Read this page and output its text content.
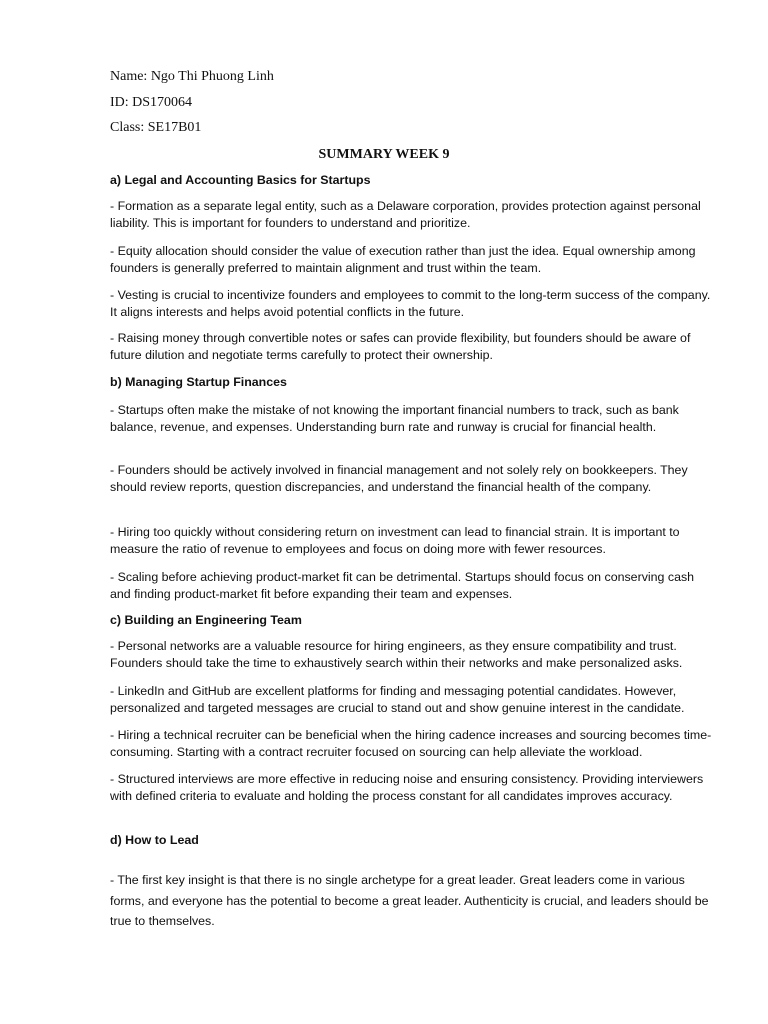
Name: Ngo Thi Phuong Linh
ID: DS170064
Class: SE17B01
SUMMARY WEEK 9
a) Legal and Accounting Basics for Startups
- Formation as a separate legal entity, such as a Delaware corporation, provides protection against personal liability. This is important for founders to understand and prioritize.
- Equity allocation should consider the value of execution rather than just the idea. Equal ownership among founders is generally preferred to maintain alignment and trust within the team.
- Vesting is crucial to incentivize founders and employees to commit to the long-term success of the company. It aligns interests and helps avoid potential conflicts in the future.
- Raising money through convertible notes or safes can provide flexibility, but founders should be aware of future dilution and negotiate terms carefully to protect their ownership.
b) Managing Startup Finances
- Startups often make the mistake of not knowing the important financial numbers to track, such as bank balance, revenue, and expenses. Understanding burn rate and runway is crucial for financial health.
- Founders should be actively involved in financial management and not solely rely on bookkeepers. They should review reports, question discrepancies, and understand the financial health of the company.
- Hiring too quickly without considering return on investment can lead to financial strain. It is important to measure the ratio of revenue to employees and focus on doing more with fewer resources.
- Scaling before achieving product-market fit can be detrimental. Startups should focus on conserving cash and finding product-market fit before expanding their team and expenses.
c) Building an Engineering Team
- Personal networks are a valuable resource for hiring engineers, as they ensure compatibility and trust. Founders should take the time to exhaustively search within their networks and make personalized asks.
- LinkedIn and GitHub are excellent platforms for finding and messaging potential candidates. However, personalized and targeted messages are crucial to stand out and show genuine interest in the candidate.
- Hiring a technical recruiter can be beneficial when the hiring cadence increases and sourcing becomes time-consuming. Starting with a contract recruiter focused on sourcing can help alleviate the workload.
- Structured interviews are more effective in reducing noise and ensuring consistency. Providing interviewers with defined criteria to evaluate and holding the process constant for all candidates improves accuracy.
d) How to Lead
- The first key insight is that there is no single archetype for a great leader. Great leaders come in various forms, and everyone has the potential to become a great leader. Authenticity is crucial, and leaders should be true to themselves.
